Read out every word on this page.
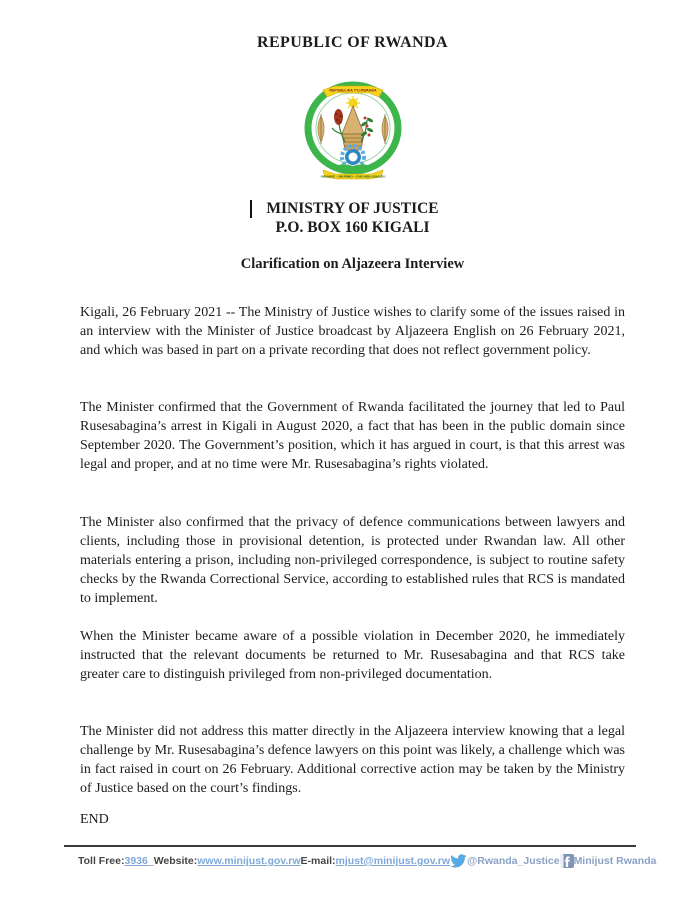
REPUBLIC OF RWANDA
REPUBULIKA Y'U RWANDA
UBUMWE - UMURIMO - GUKUNDA IGIHUGU
MINISTRY OF JUSTICE
P.O. BOX 160 KIGALI
Clarification on Aljazeera Interview

Kigali, 26 February 2021 -- The Ministry of Justice wishes to clarify some of the issues raised in an interview with the Minister of Justice broadcast by Aljazeera English on 26 February 2021, and which was based in part on a private recording that does not reflect government policy.

The Minister confirmed that the Government of Rwanda facilitated the journey that led to Paul Rusesabagina’s arrest in Kigali in August 2020, a fact that has been in the public domain since September 2020. The Government’s position, which it has argued in court, is that this arrest was legal and proper, and at no time were Mr. Rusesabagina’s rights violated.

The Minister also confirmed that the privacy of defence communications between lawyers and clients, including those in provisional detention, is protected under Rwandan law. All other materials entering a prison, including non-privileged correspondence, is subject to routine safety checks by the Rwanda Correctional Service, according to established rules that RCS is mandated to implement.

When the Minister became aware of a possible violation in December 2020, he immediately instructed that the relevant documents be returned to Mr. Rusesabagina and that RCS take greater care to distinguish privileged from non-privileged documentation.

The Minister did not address this matter directly in the Aljazeera interview knowing that a legal challenge by Mr. Rusesabagina’s defence lawyers on this point was likely, a challenge which was in fact raised in court on 26 February. Additional corrective action may be taken by the Ministry of Justice based on the court’s findings.

END
Toll Free: 3936 _ Website: www.minijust.gov.rw E-mail: mjust@minijust.gov.rw @Rwanda_Justice Minijust Rwanda
